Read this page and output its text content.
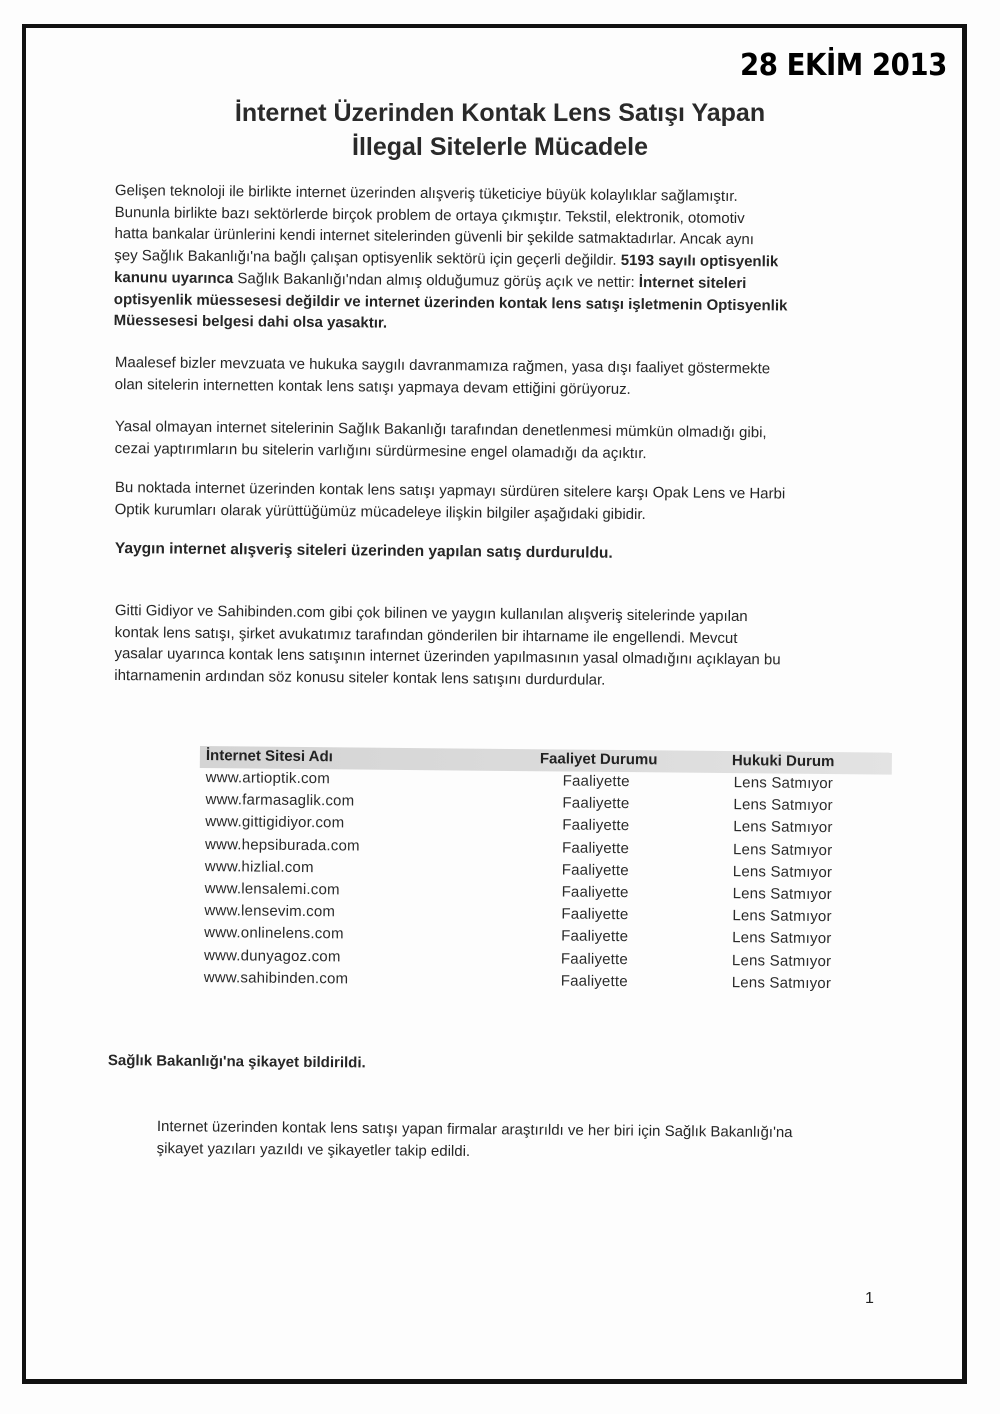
28 EKİM 2013
İnternet Üzerinden Kontak Lens Satışı Yapan
İllegal Sitelerle Mücadele
Gelişen teknoloji ile birlikte internet üzerinden alışveriş tüketiciye büyük kolaylıklar sağlamıştır.
Bununla birlikte bazı sektörlerde birçok problem de ortaya çıkmıştır. Tekstil, elektronik, otomotiv
hatta bankalar ürünlerini kendi internet sitelerinden güvenli bir şekilde satmaktadırlar. Ancak aynı
şey Sağlık Bakanlığı'na bağlı çalışan optisyenlik sektörü için geçerli değildir. 5193 sayılı optisyenlik
kanunu uyarınca Sağlık Bakanlığı'ndan almış olduğumuz görüş açık ve nettir: İnternet siteleri
optisyenlik müessesesi değildir ve internet üzerinden kontak lens satışı işletmenin Optisyenlik
Müessesesi belgesi dahi olsa yasaktır.
Maalesef bizler mevzuata ve hukuka saygılı davranmamıza rağmen, yasa dışı faaliyet göstermekte
olan sitelerin internetten kontak lens satışı yapmaya devam ettiğini görüyoruz.
Yasal olmayan internet sitelerinin Sağlık Bakanlığı tarafından denetlenmesi mümkün olmadığı gibi,
cezai yaptırımların bu sitelerin varlığını sürdürmesine engel olamadığı da açıktır.
Bu noktada internet üzerinden kontak lens satışı yapmayı sürdüren sitelere karşı Opak Lens ve Harbi
Optik kurumları olarak yürüttüğümüz mücadeleye ilişkin bilgiler aşağıdaki gibidir.
Yaygın internet alışveriş siteleri üzerinden yapılan satış durduruldu.
Gitti Gidiyor ve Sahibinden.com gibi çok bilinen ve yaygın kullanılan alışveriş sitelerinde yapılan
kontak lens satışı, şirket avukatımız tarafından gönderilen bir ihtarname ile engellendi. Mevcut
yasalar uyarınca kontak lens satışının internet üzerinden yapılmasının yasal olmadığını açıklayan bu
ihtarnamenin ardından söz konusu siteler kontak lens satışını durdurdular.
İnternet Sitesi Adı	Faaliyet Durumu	Hukuki Durum
www.artioptik.com	Faaliyette	Lens Satmıyor
www.farmasaglik.com	Faaliyette	Lens Satmıyor
www.gittigidiyor.com	Faaliyette	Lens Satmıyor
www.hepsiburada.com	Faaliyette	Lens Satmıyor
www.hizlial.com	Faaliyette	Lens Satmıyor
www.lensalemi.com	Faaliyette	Lens Satmıyor
www.lensevim.com	Faaliyette	Lens Satmıyor
www.onlinelens.com	Faaliyette	Lens Satmıyor
www.dunyagoz.com	Faaliyette	Lens Satmıyor
www.sahibinden.com	Faaliyette	Lens Satmıyor
Sağlık Bakanlığı'na şikayet bildirildi.
Internet üzerinden kontak lens satışı yapan firmalar araştırıldı ve her biri için Sağlık Bakanlığı'na
şikayet yazıları yazıldı ve şikayetler takip edildi.
1
